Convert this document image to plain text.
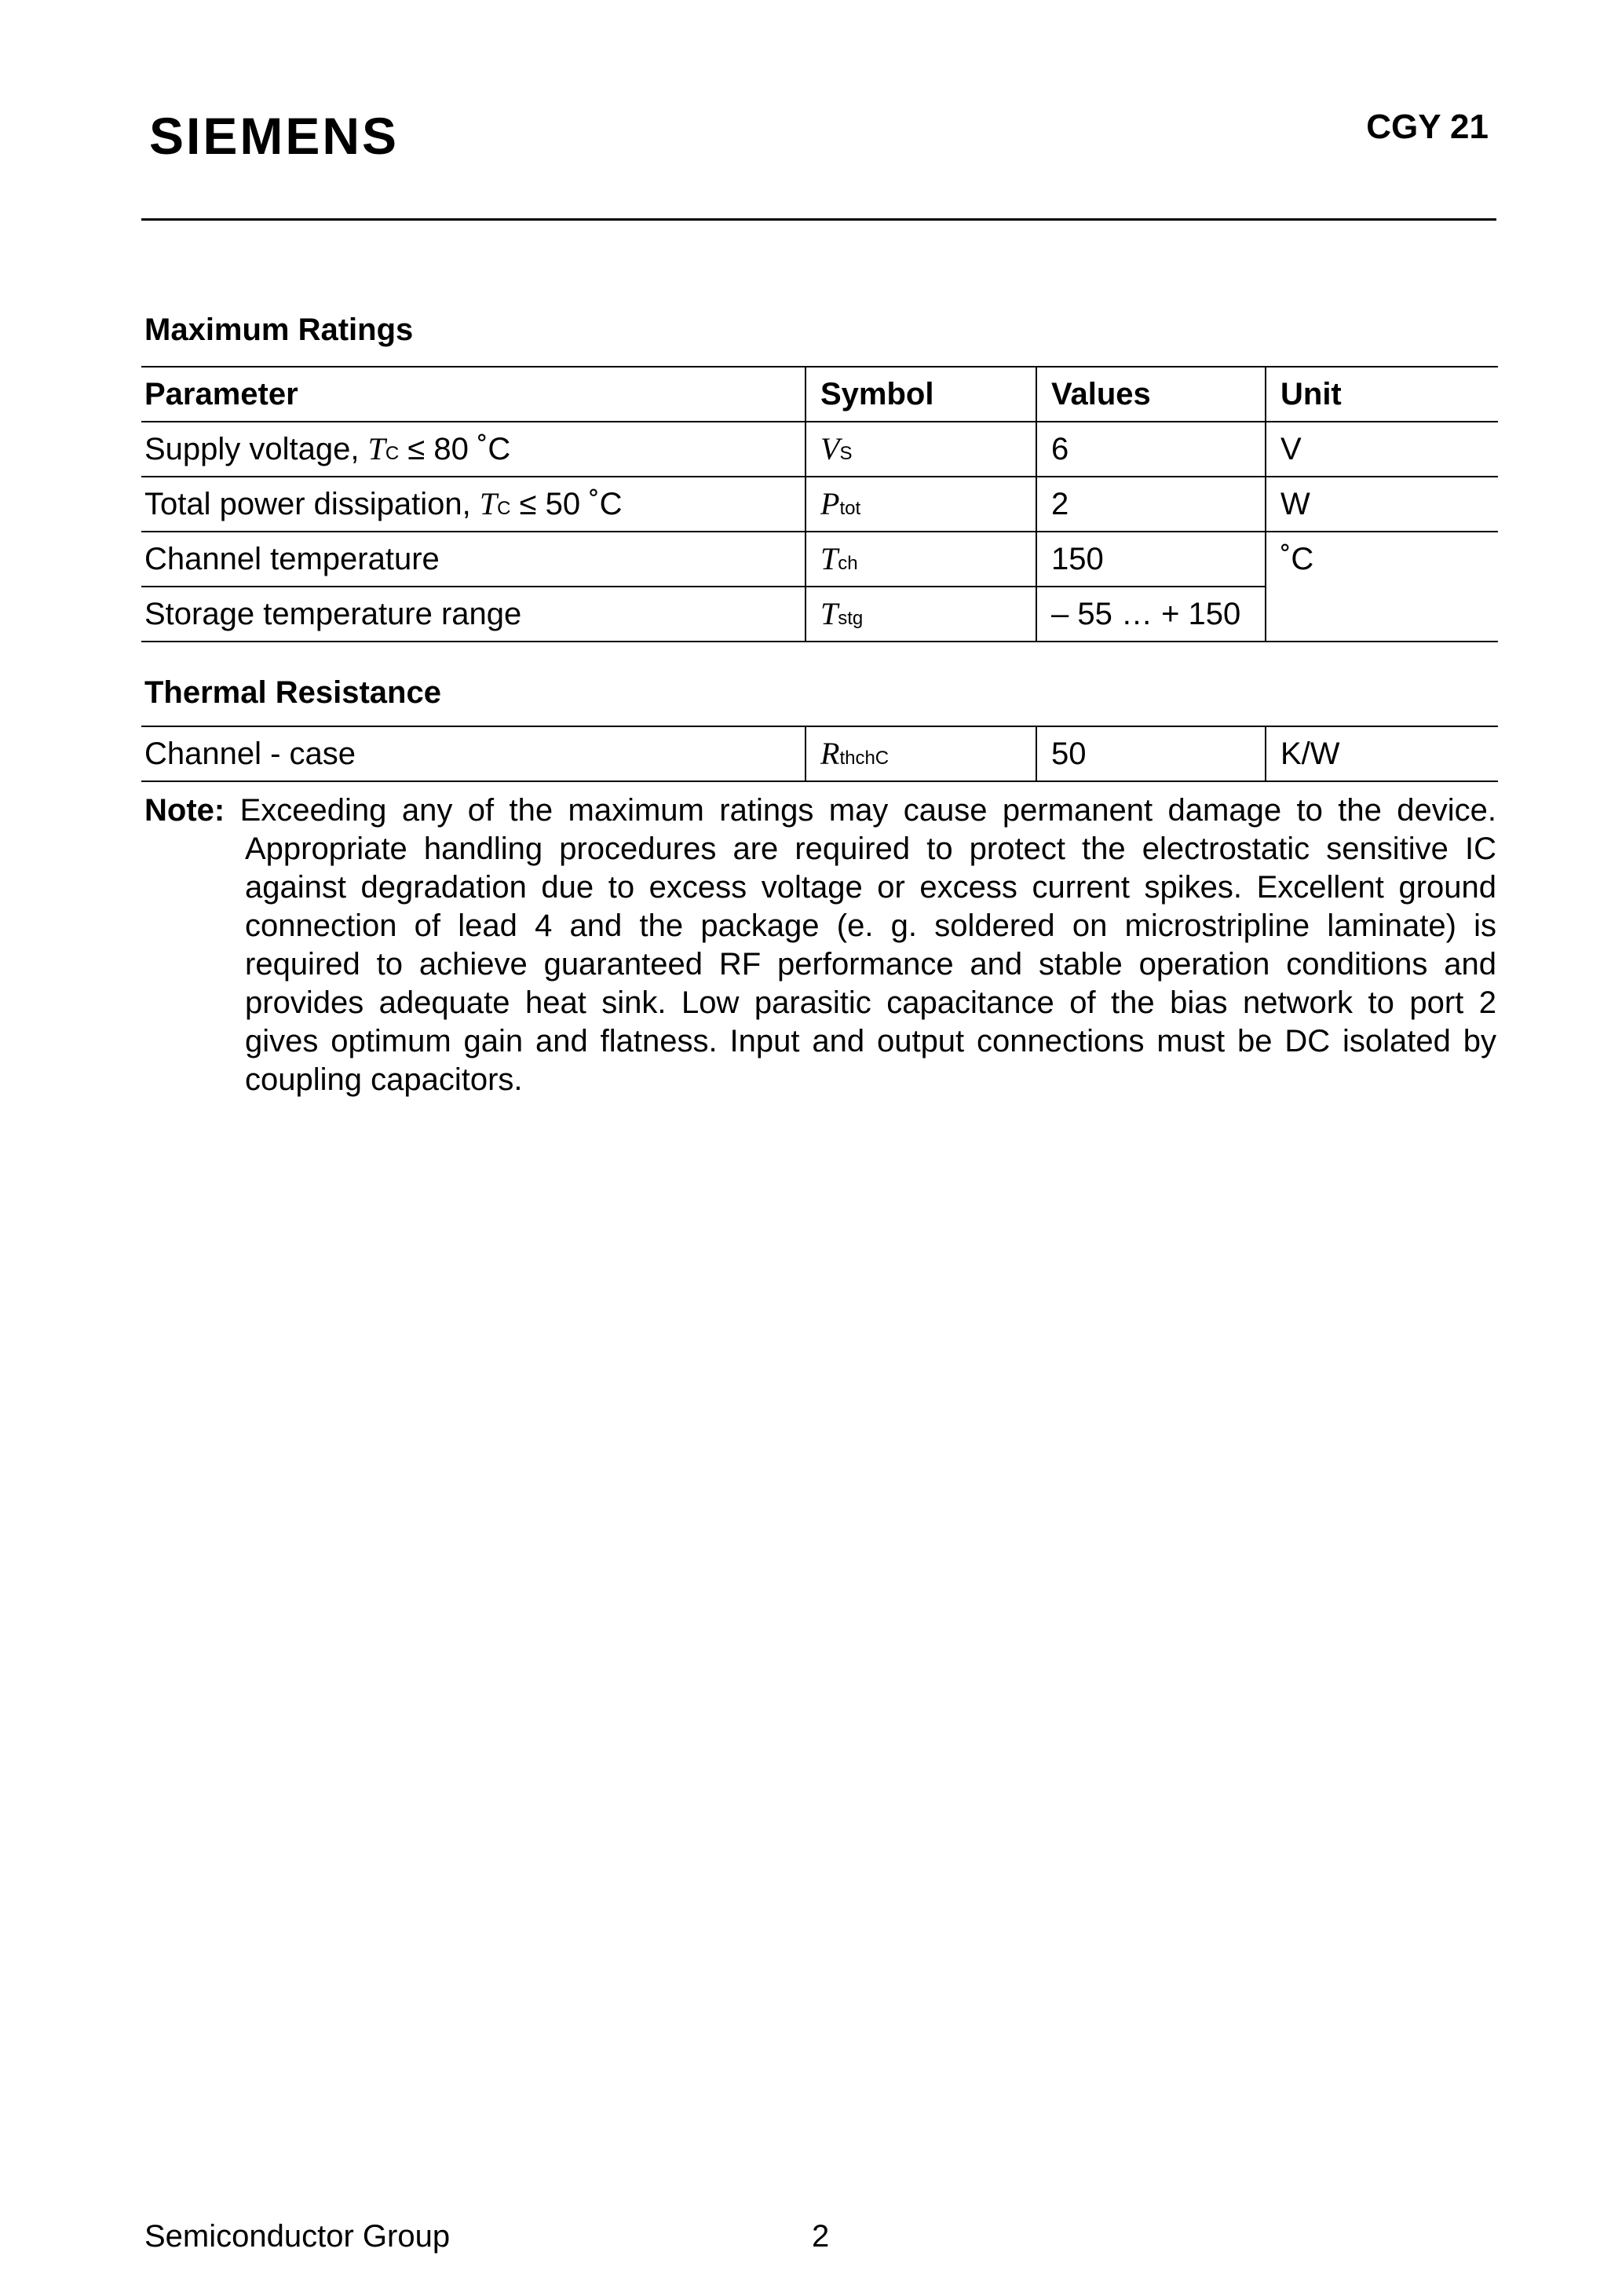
SIEMENS	CGY 21
Maximum Ratings
Parameter	Symbol	Values	Unit
Supply voltage, TC ≤ 80 ˚C	VS	6	V
Total power dissipation, TC ≤ 50 ˚C	Ptot	2	W
Channel temperature	Tch	150	˚C
Storage temperature range	Tstg	– 55 … + 150	
Thermal Resistance
Channel - case	RthchC	50	K/W
Note: Exceeding any of the maximum ratings may cause permanent damage to the device.
Appropriate handling procedures are required to protect the electrostatic sensitive IC
against degradation due to excess voltage or excess current spikes. Excellent ground
connection of lead 4 and the package (e. g. soldered on microstripline laminate) is
required to achieve guaranteed RF performance and stable operation conditions and
provides adequate heat sink. Low parasitic capacitance of the bias network to port 2
gives optimum gain and flatness. Input and output connections must be DC isolated by
coupling capacitors.
Semiconductor Group	2
